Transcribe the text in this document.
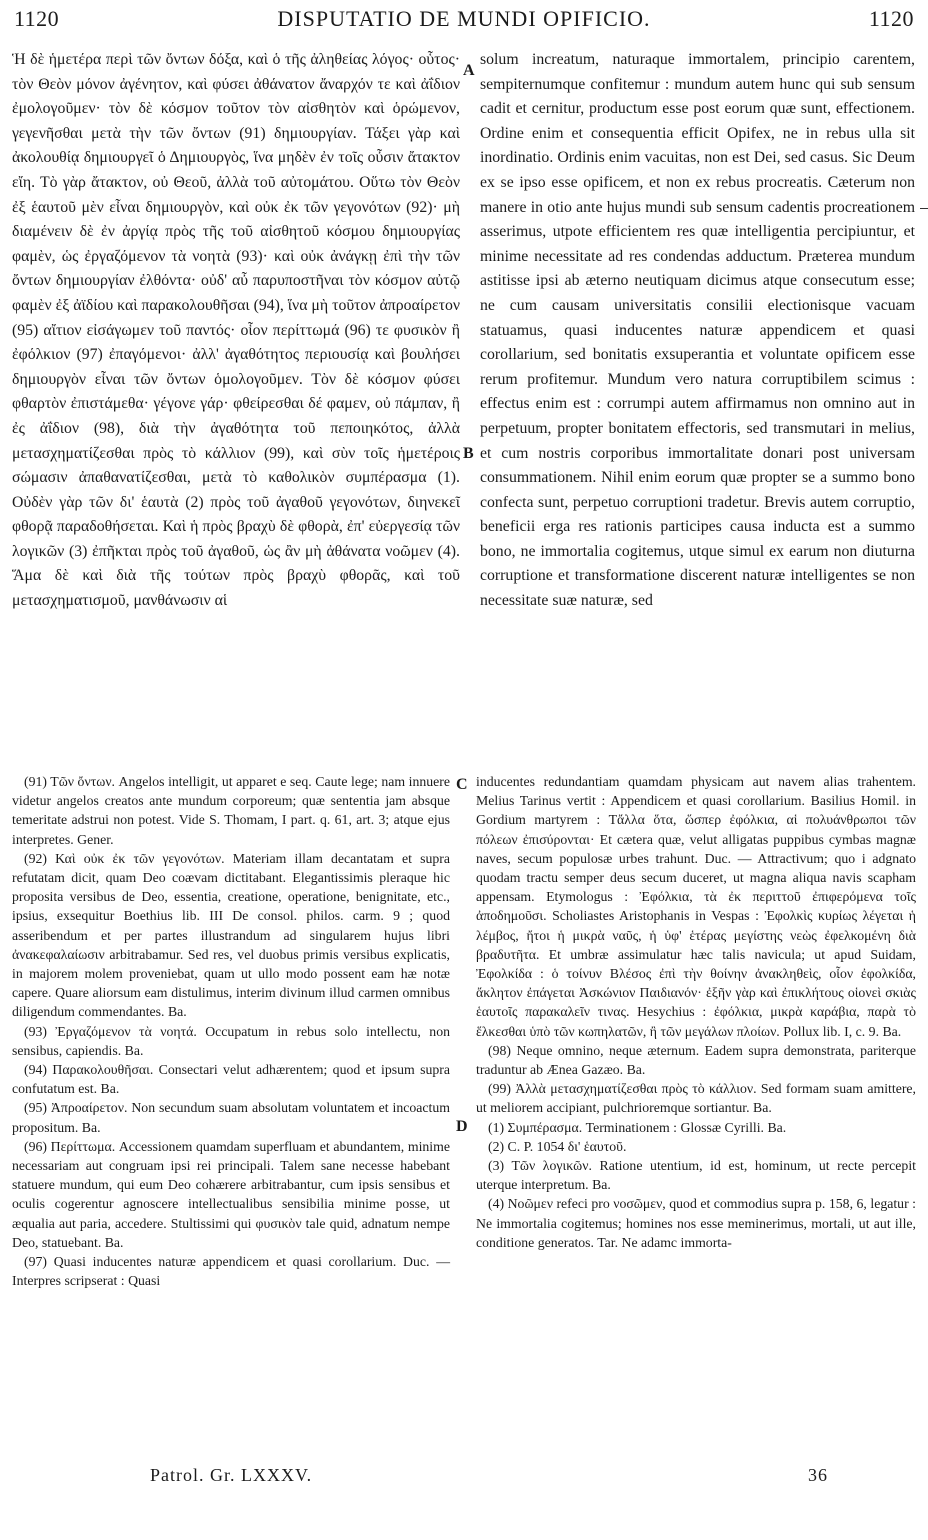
1120	DISPUTATIO DE MUNDI OPIFICIO.	1120
Ἡ δὲ ἡμετέρα περὶ τῶν ὄντων δόξα, καὶ ὁ τῆς ἀληθείας λόγος· οὗτος· τὸν Θεὸν μόνον ἀγένητον, καὶ φύσει ἀθάνατον ἄναρχόν τε καὶ ἀΐδιον ἐμολογοῦμεν· τὸν δὲ κόσμον τοῦτον τὸν αἰσθητὸν καὶ ὁρώμενον, γεγενῆσθαι μετὰ τὴν τῶν ὄντων (91) δημιουργίαν. Τάξει γὰρ καὶ ἀκολουθίᾳ δημιουργεῖ ὁ Δημιουργὸς, ἵνα μηδὲν ἐν τοῖς οὖσιν ἄτακτον εἴη. Τὸ γὰρ ἄτακτον, οὐ Θεοῦ, ἀλλὰ τοῦ αὐτομάτου. Οὕτω τὸν Θεὸν ἐξ ἑαυτοῦ μὲν εἶναι δημιουργὸν, καὶ οὐκ ἐκ τῶν γεγονότων (92)· μὴ διαμένειν δὲ ἐν ἀργίᾳ πρὸς τῆς τοῦ αἰσθητοῦ κόσμου δημιουργίας φαμὲν, ὡς ἐργαζόμενον τὰ νοητὰ (93)· καὶ οὐκ ἀνάγκῃ ἐπὶ τὴν τῶν ὄντων δημιουργίαν ἐλθόντα· οὐδ' αὖ παρυποστῆναι τὸν κόσμον αὐτῷ φαμὲν ἐξ ἀϊδίου καὶ παρακολουθῆσαι (94), ἵνα μὴ τοῦτον ἀπροαίρετον (95) αἴτιον εἰσάγωμεν τοῦ παντός· οἷον περίττωμά (96) τε φυσικὸν ἢ ἐφόλκιον (97) ἐπαγόμενοι· ἀλλ' ἀγαθότητος περιουσίᾳ καὶ βουλήσει δημιουργὸν εἶναι τῶν ὄντων ὁμολογοῦμεν. Τὸν δὲ κόσμον φύσει φθαρτὸν ἐπιστάμεθα· γέγονε γάρ· φθείρεσθαι δέ φαμεν, οὐ πάμπαν, ἢ ἐς ἀΐδιον (98), διὰ τὴν ἀγαθότητα τοῦ πεποιηκότος, ἀλλὰ μετασχηματίζεσθαι πρὸς τὸ κάλλιον (99), καὶ σὺν τοῖς ἡμετέροις σώμασιν ἀπαθανατίζεσθαι, μετὰ τὸ καθολικὸν συμπέρασμα (1). Οὐδὲν γὰρ τῶν δι' ἑαυτὰ (2) πρὸς τοῦ ἀγαθοῦ γεγονότων, διηνεκεῖ φθορᾷ παραδοθήσεται. Καὶ ἡ πρὸς βραχὺ δὲ φθορὰ, ἐπ' εὐεργεσίᾳ τῶν λογικῶν (3) ἐπῆκται πρὸς τοῦ ἀγαθοῦ, ὡς ἂν μὴ ἀθάνατα νοῶμεν (4). Ἅμα δὲ καὶ διὰ τῆς τούτων πρὸς βραχὺ φθορᾶς, καὶ τοῦ μετασχηματισμοῦ, μανθάνωσιν αἱ
A
B
solum increatum, naturaque immortalem, principio carentem, sempiternumque confitemur : mundum autem hunc qui sub sensum cadit et cernitur, productum esse post eorum quæ sunt, effectionem. Ordine enim et consequentia efficit Opifex, ne in rebus ulla sit inordinatio. Ordinis enim vacuitas, non est Dei, sed casus. Sic Deum ex se ipso esse opificem, et non ex rebus procreatis. Cæterum non manere in otio ante hujus mundi sub sensum cadentis procreationem asserimus, utpote efficientem res quæ intelligentia percipiuntur, et minime necessitate ad res condendas adductum. Præterea mundum astitisse ipsi ab æterno neutiquam dicimus atque consecutum esse; ne cum causam universitatis consilii electionisque vacuam statuamus, quasi inducentes naturæ appendicem et quasi corollarium, sed bonitatis exsuperantia et voluntate opificem esse rerum profitemur. Mundum vero natura corruptibilem scimus : effectus enim est : corrumpi autem affirmamus non omnino aut in perpetuum, propter bonitatem effectoris, sed transmutari in melius, et cum nostris corporibus immortalitate donari post universam consummationem. Nihil enim eorum quæ propter se a summo bono confecta sunt, perpetuo corruptioni tradetur. Brevis autem corruptio, beneficii erga res rationis participes causa inducta est a summo bono, ne immortalia cogitemus, utque simul ex earum non diuturna corruptione et transformatione discerent naturæ intelligentes se non necessitate suæ naturæ, sed

(91) Τῶν ὄντων. Angelos intelligit, ut apparet e seq. Caute lege; nam innuere videtur angelos creatos ante mundum corporeum; quæ sententia jam absque temeritate adstrui non potest. Vide S. Thomam, I part. q. 61, art. 3; atque ejus interpretes. Gener.

(92) Καὶ οὐκ ἐκ τῶν γεγονότων. Materiam illam decantatam et supra refutatam dicit, quam Deo coævam dictitabant. Elegantissimis pleraque hic proposita versibus de Deo, essentia, creatione, operatione, benignitate, etc., ipsius, exsequitur Boethius lib. III De consol. philos. carm. 9 ; quod asseribendum et per partes illustrandum ad singularem hujus libri ἀνακεφαλαίωσιν arbitrabamur. Sed res, vel duobus primis versibus explicatis, in majorem molem proveniebat, quam ut ullo modo possent eam hæ notæ capere. Quare aliorsum eam distulimus, interim divinum illud carmen omnibus diligendum commendantes. Ba.

(93) Ἐργαζόμενον τὰ νοητά. Occupatum in rebus solo intellectu, non sensibus, capiendis. Ba.

(94) Παρακολουθῆσαι. Consectari velut adhærentem; quod et ipsum supra confutatum est. Ba.

(95) Ἀπροαίρετον. Non secundum suam absolutam voluntatem et incoactum propositum. Ba.

(96) Περίττωμα. Accessionem quamdam superfluam et abundantem, minime necessariam aut congruam ipsi rei principali. Talem sane necesse habebant statuere mundum, qui eum Deo cohærere arbitrabantur, cum ipsis sensibus et oculis cogerentur agnoscere intellectualibus sensibilia minime posse, ut æqualia aut paria, accedere. Stultissimi qui φυσικὸν tale quid, adnatum nempe Deo, statuebant. Ba.

(97) Quasi inducentes naturæ appendicem et quasi corollarium. Duc. — Interpres scripserat : Quasi

C
D

inducentes redundantiam quamdam physicam aut navem alias trahentem. Melius Tarinus vertit : Appendicem et quasi corollarium. Basilius Homil. in Gordium martyrem : Τἄλλα ὅτα, ὥσπερ ἐφόλκια, αἱ πολυάνθρωποι τῶν πόλεων ἐπισύρονται· Et cætera quæ, velut alligatas puppibus cymbas magnæ naves, secum populosæ urbes trahunt. Duc. — Attractivum; quo i adgnato quodam tractu semper deus secum duceret, ut magna aliqua navis scapham appensam. Etymologus : Ἐφόλκια, τὰ ἐκ περιττοῦ ἐπιφερόμενα τοῖς ἀποδημοῦσι. Scholiastes Aristophanis in Vespas : Ἐφολκὶς κυρίως λέγεται ἡ λέμβος, ἤτοι ἡ μικρὰ ναῦς, ἡ ὑφ' ἑτέρας μεγίστης νεὼς ἐφελκομένη διὰ βραδυτῆτα. Et umbræ assimulatur hæc talis navicula; ut apud Suidam, Ἐφολκίδα : ὁ τοίνυν Βλέσος ἐπὶ τὴν θοίνην ἀνακληθεὶς, οἷον ἐφολκίδα, ἄκλητον ἐπάγεται Ἀσκώνιον Παιδιανόν· ἐξῆν γὰρ καὶ ἐπικλήτους οἱονεὶ σκιὰς ἑαυτοῖς παρακαλεῖν τινας. Hesychius : ἐφόλκια, μικρὰ καράβια, παρὰ τὸ ἕλκεσθαι ὑπὸ τῶν κωπηλατῶν, ἢ τῶν μεγάλων πλοίων. Pollux lib. I, c. 9. Ba.

(98) Neque omnino, neque æternum. Eadem supra demonstrata, pariterque traduntur ab Ænea Gazæo. Ba.

(99) Ἀλλὰ μετασχηματίζεσθαι πρὸς τὸ κάλλιον. Sed formam suam amittere, ut meliorem accipiant, pulchrioremque sortiantur. Ba.

(1) Συμπέρασμα. Terminationem : Glossæ Cyrilli. Ba.

(2) C. P. 1054 δι' ἑαυτοῦ.

(3) Τῶν λογικῶν. Ratione utentium, id est, hominum, ut recte percepit uterque interpretum. Ba.

(4) Νοῶμεν refeci pro νοσῶμεν, quod et commodius supra p. 158, 6, legatur : Ne immortalia cogitemus; homines nos esse meminerimus, mortali, ut aut ille, conditione generatos. Tar. Ne adamc immorta-

Patrol. Gr. LXXXV.	36
